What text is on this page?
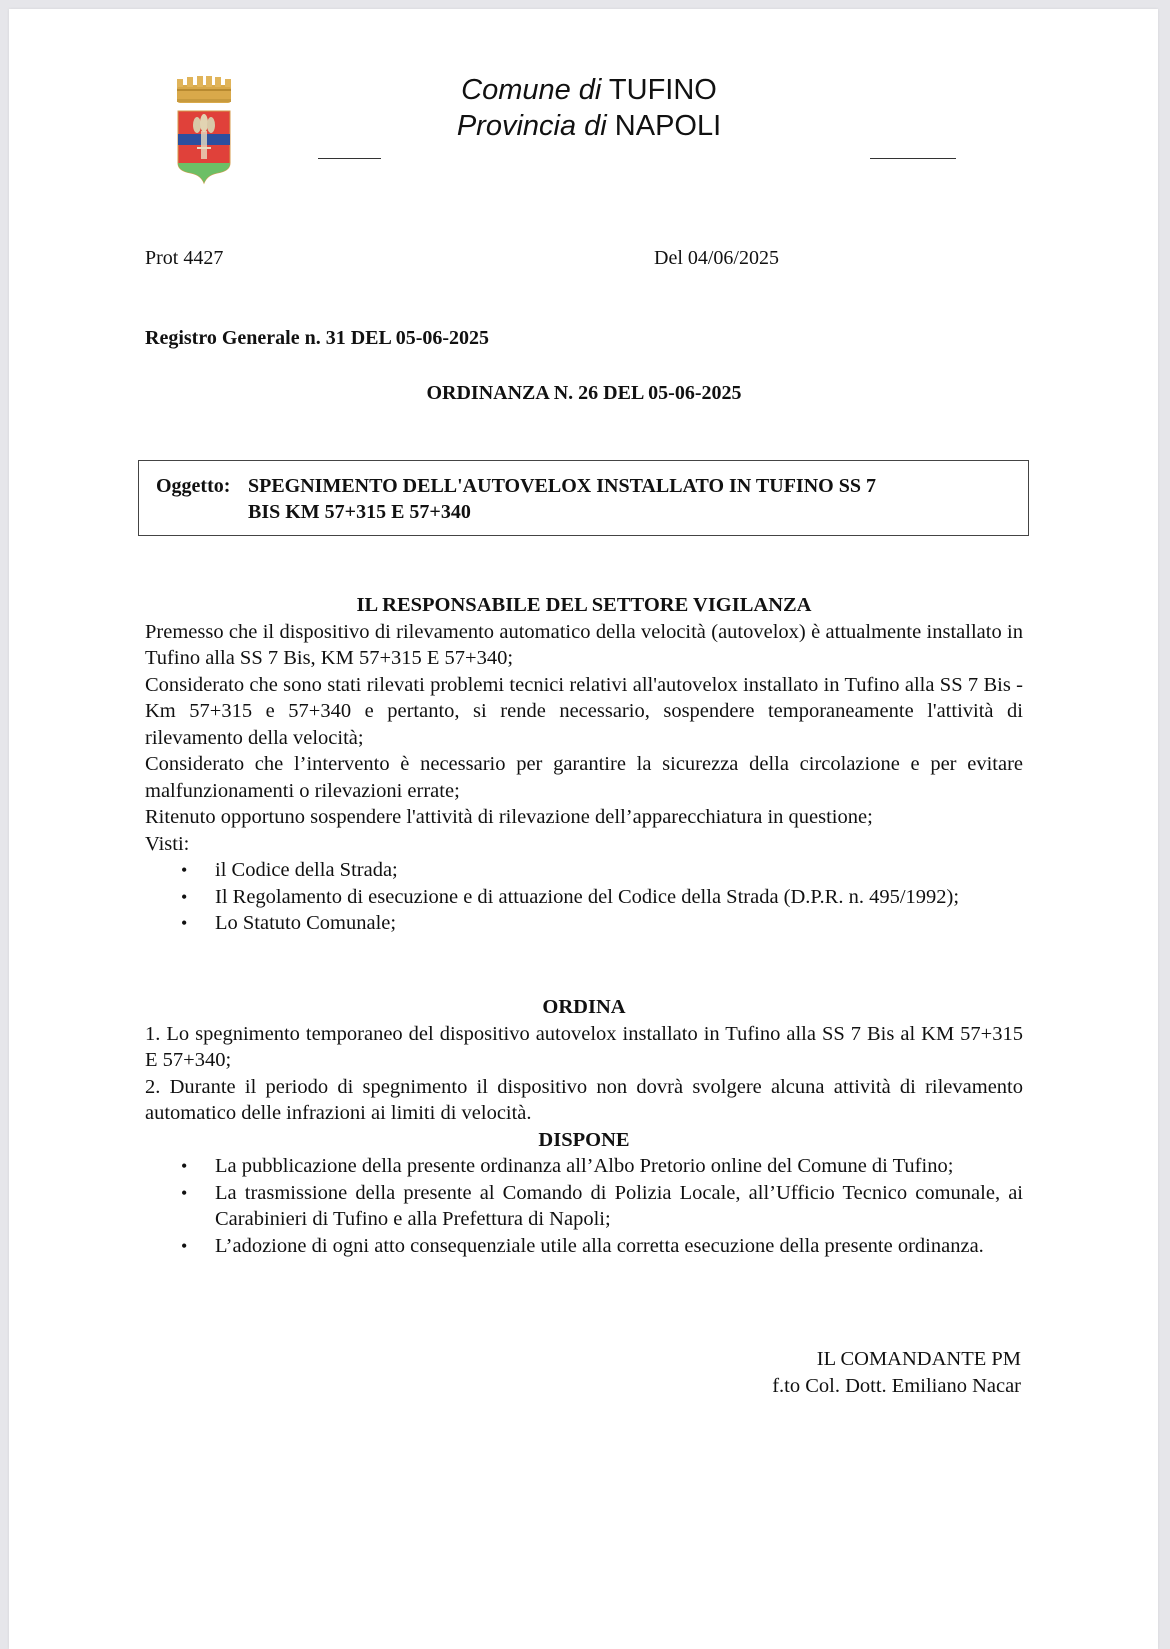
Comune di TUFINO
Provincia di NAPOLI
Prot 4427	Del 04/06/2025
Registro Generale n. 31 DEL 05-06-2025
ORDINANZA N. 26 DEL 05-06-2025
Oggetto: SPEGNIMENTO DELL'AUTOVELOX INSTALLATO IN TUFINO SS 7
BIS KM 57+315 E 57+340
IL RESPONSABILE DEL SETTORE VIGILANZA

Premesso che il dispositivo di rilevamento automatico della velocità (autovelox) è attualmente installato in Tufino alla SS 7 Bis, KM 57+315 E 57+340;

Considerato che sono stati rilevati problemi tecnici relativi all'autovelox installato in Tufino alla SS 7 Bis - Km 57+315 e 57+340 e pertanto, si rende necessario, sospendere temporaneamente l'attività di rilevamento della velocità;

Considerato che l’intervento è necessario per garantire la sicurezza della circolazione e per evitare malfunzionamenti o rilevazioni errate;

Ritenuto opportuno sospendere l'attività di rilevazione dell’apparecchiatura in questione;

Visti:

• il Codice della Strada;
• Il Regolamento di esecuzione e di attuazione del Codice della Strada (D.P.R. n. 495/1992);
• Lo Statuto Comunale;
ORDINA

1. Lo spegnimento temporaneo del dispositivo autovelox installato in Tufino alla SS 7 Bis al KM 57+315 E 57+340;

2. Durante il periodo di spegnimento il dispositivo non dovrà svolgere alcuna attività di rilevamento automatico delle infrazioni ai limiti di velocità.

DISPONE
• La pubblicazione della presente ordinanza all’Albo Pretorio online del Comune di Tufino;
• La trasmissione della presente al Comando di Polizia Locale, all’Ufficio Tecnico comunale, ai Carabinieri di Tufino e alla Prefettura di Napoli;
• L’adozione di ogni atto consequenziale utile alla corretta esecuzione della presente ordinanza.
IL COMANDANTE PM
f.to Col. Dott. Emiliano Nacar
